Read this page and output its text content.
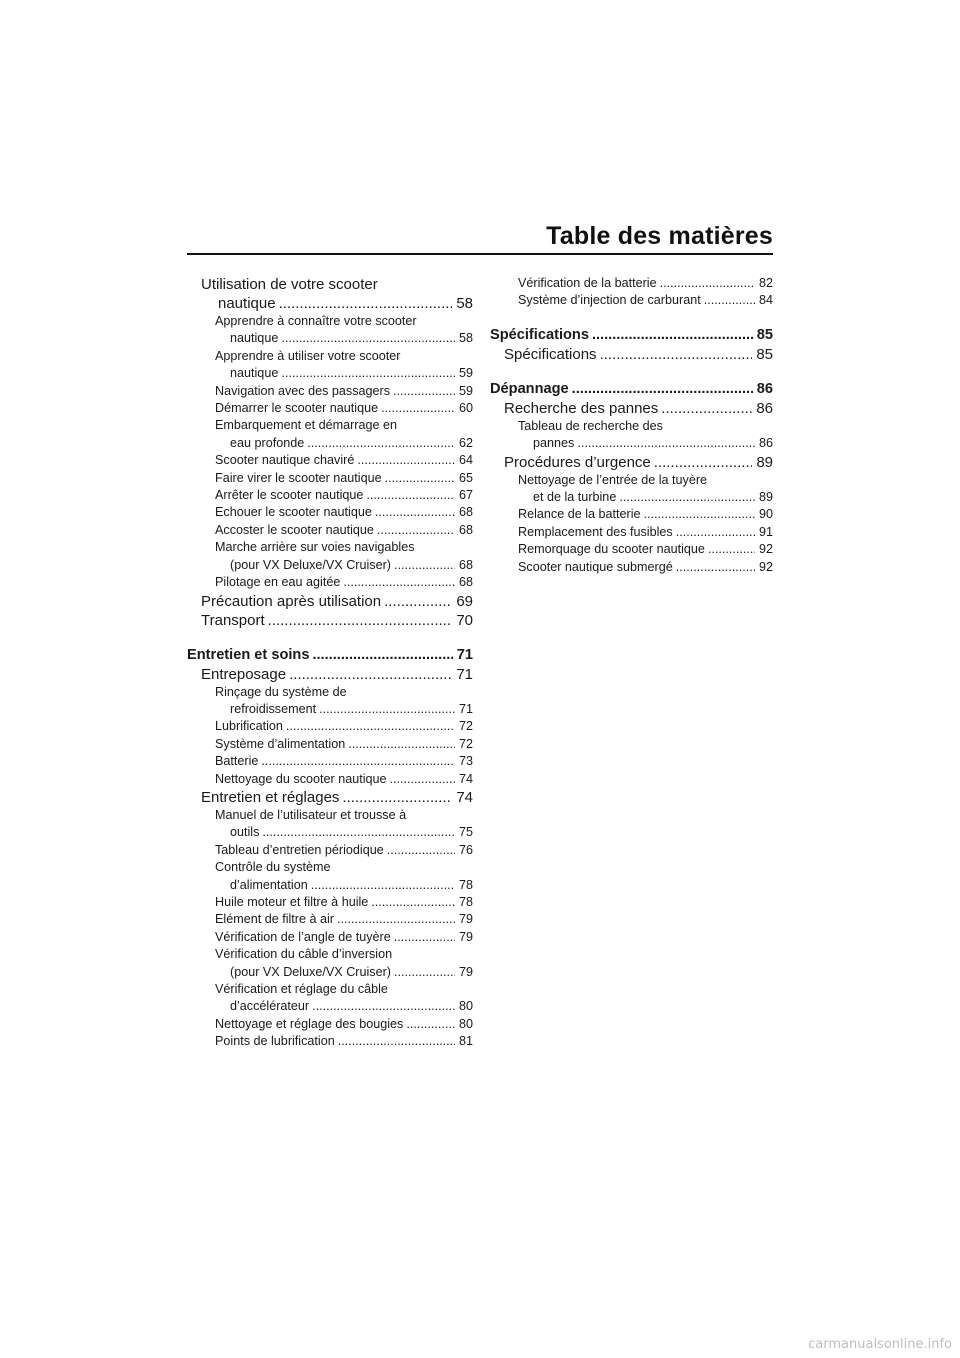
Table des matières
Utilisation de votre scooter
nautique .....	58
Apprendre à connaître votre scooter
nautique .....	58
Apprendre à utiliser votre scooter
nautique .....	59
Navigation avec des passagers .....	59
Démarrer le scooter nautique .....	60
Embarquement et démarrage en
eau profonde .....	62
Scooter nautique chaviré .....	64
Faire virer le scooter nautique .....	65
Arrêter le scooter nautique .....	67
Echouer le scooter nautique .....	68
Accoster le scooter nautique .....	68
Marche arrière sur voies navigables
(pour VX Deluxe/VX Cruiser) .....	68
Pilotage en eau agitée .....	68
Précaution après utilisation .....	69
Transport .....	70
Entretien et soins .....	71
Entreposage .....	71
Rinçage du système de
refroidissement .....	71
Lubrification .....	72
Système d’alimentation .....	72
Batterie .....	73
Nettoyage du scooter nautique .....	74
Entretien et réglages .....	74
Manuel de l’utilisateur et trousse à
outils .....	75
Tableau d’entretien périodique .....	76
Contrôle du système
d’alimentation .....	78
Huile moteur et filtre à huile .....	78
Elément de filtre à air .....	79
Vérification de l’angle de tuyère .....	79
Vérification du câble d’inversion
(pour VX Deluxe/VX Cruiser) .....	79
Vérification et réglage du câble
d’accélérateur .....	80
Nettoyage et réglage des bougies .....	80
Points de lubrification .....	81
Vérification de la batterie .....	82
Système d’injection de carburant .....	84
Spécifications .....	85
Spécifications .....	85
Dépannage .....	86
Recherche des pannes .....	86
Tableau de recherche des
pannes .....	86
Procédures d’urgence .....	89
Nettoyage de l’entrée de la tuyère
et de la turbine .....	89
Relance de la batterie .....	90
Remplacement des fusibles .....	91
Remorquage du scooter nautique .....	92
Scooter nautique submergé .....	92
carmanualsonline.info
